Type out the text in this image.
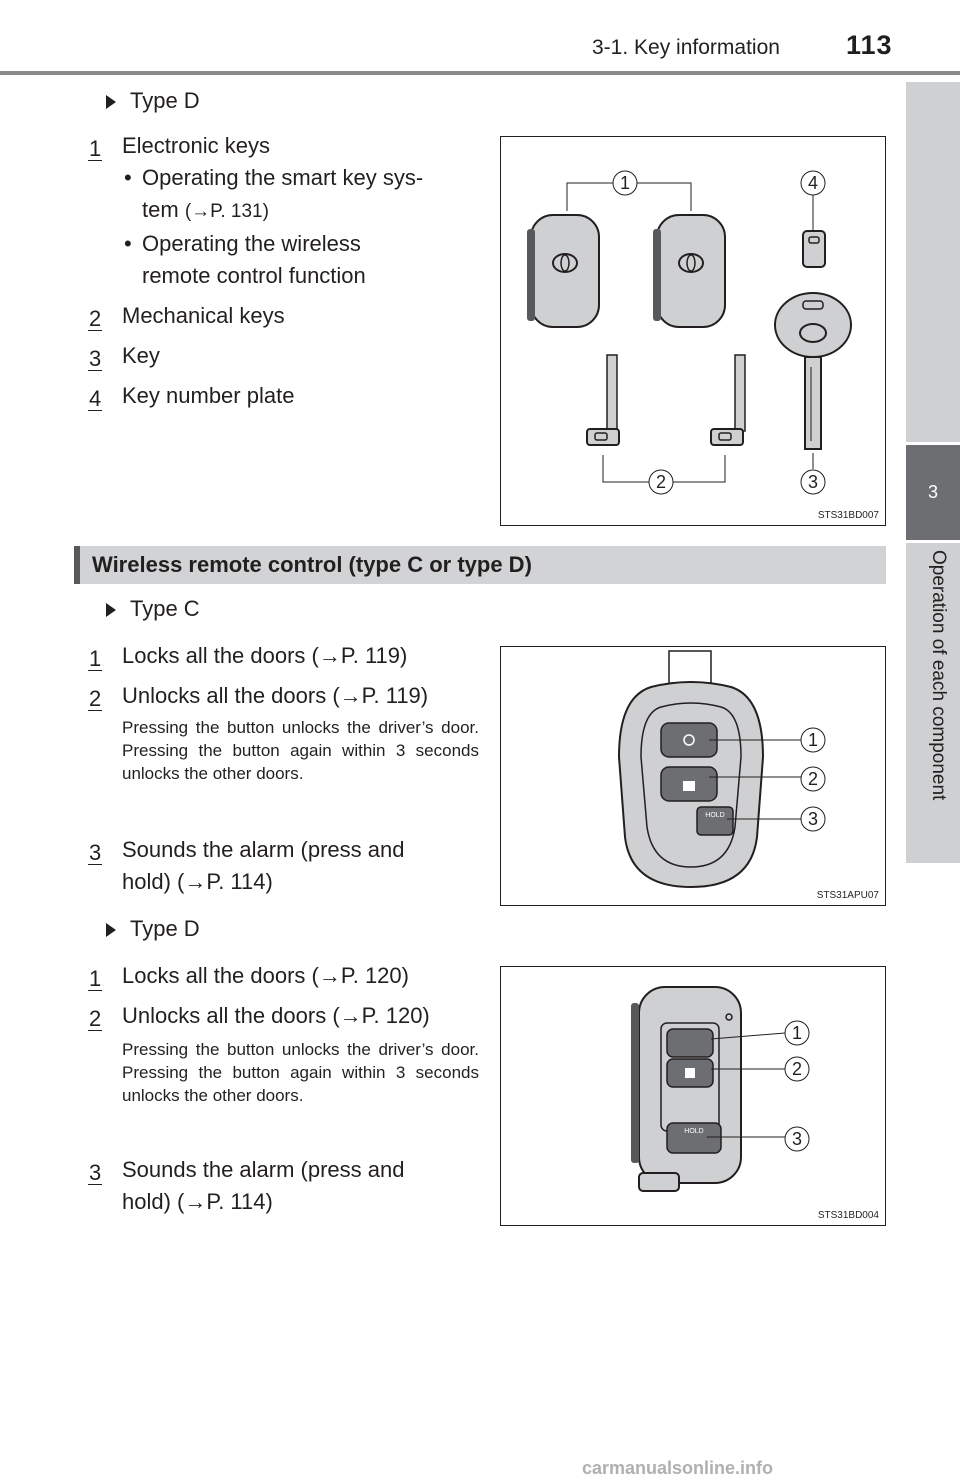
3-1. Key information 113
3
Operation of each component
Type D
1 Electronic keys
• Operating the smart key sys-
tem (→P. 131)
• Operating the wireless
remote control function
2 Mechanical keys
3 Key
4 Key number plate
1	4
2	3
STS31BD007
Wireless remote control (type C or type D)
Type C
1 Locks all the doors (→P. 119)
2 Unlocks all the doors (→P. 119)
Pressing the button unlocks the driver’s door. Pressing the button again within 3 seconds unlocks the other doors.
3 Sounds the alarm (press and
hold) (→P. 114)
HOLD
1
2
3
STS31APU07
Type D
1 Locks all the doors (→P. 120)
2 Unlocks all the doors (→P. 120)
Pressing the button unlocks the driver’s door. Pressing the button again within 3 seconds unlocks the other doors.
3 Sounds the alarm (press and
hold) (→P. 114)
HOLD
1
2
3
STS31BD004
carmanualsonline.info
